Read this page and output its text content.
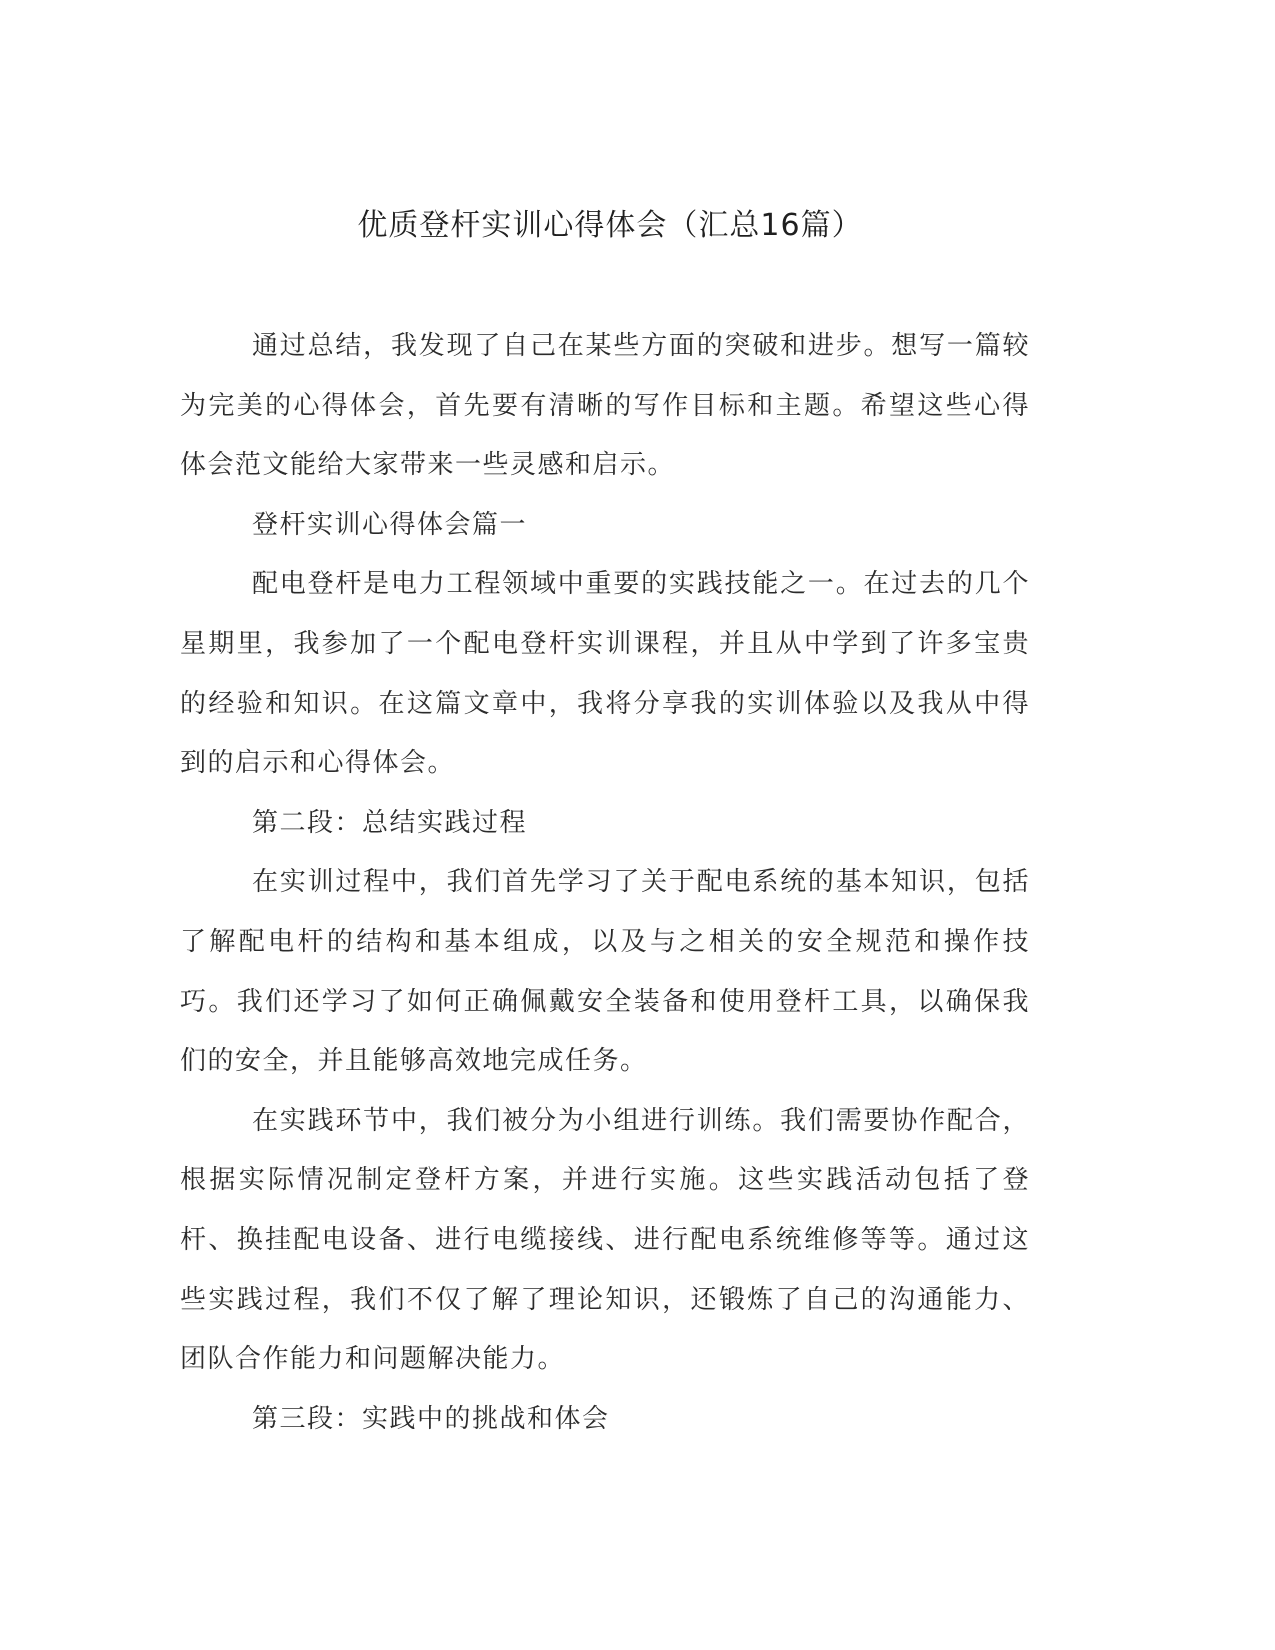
优质登杆实训心得体会（汇总16篇）

通过总结，我发现了自己在某些方面的突破和进步。想写一篇较为完美的心得体会，首先要有清晰的写作目标和主题。希望这些心得体会范文能给大家带来一些灵感和启示。

登杆实训心得体会篇一

配电登杆是电力工程领域中重要的实践技能之一。在过去的几个星期里，我参加了一个配电登杆实训课程，并且从中学到了许多宝贵的经验和知识。在这篇文章中，我将分享我的实训体验以及我从中得到的启示和心得体会。

第二段：总结实践过程

在实训过程中，我们首先学习了关于配电系统的基本知识，包括了解配电杆的结构和基本组成，以及与之相关的安全规范和操作技巧。我们还学习了如何正确佩戴安全装备和使用登杆工具，以确保我们的安全，并且能够高效地完成任务。

在实践环节中，我们被分为小组进行训练。我们需要协作配合，根据实际情况制定登杆方案，并进行实施。这些实践活动包括了登杆、换挂配电设备、进行电缆接线、进行配电系统维修等等。通过这些实践过程，我们不仅了解了理论知识，还锻炼了自己的沟通能力、团队合作能力和问题解决能力。

第三段：实践中的挑战和体会
